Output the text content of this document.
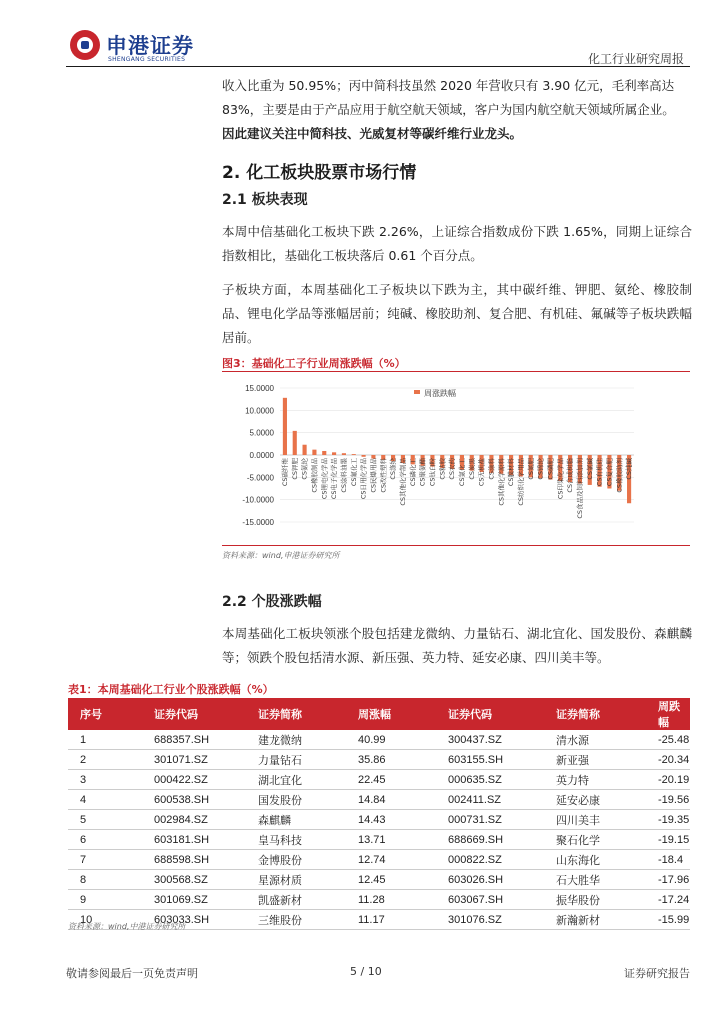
申港证券
SHENGANG SECURITIES	化工行业研究周报
收入比重为 50.95%；丙中简科技虽然 2020 年营收只有 3.90 亿元，毛利率高达
83%，主要是由于产品应用于航空航天领域，客户为国内航空航天领域所属企业。
因此建议关注中简科技、光威复材等碳纤维行业龙头。
2. 化工板块股票市场行情
2.1 板块表现
本周中信基础化工板块下跌 2.26%，上证综合指数成份下跌 1.65%，同期上证综合指数相比，基础化工板块落后 0.61 个百分点。
子板块方面，本周基础化工子板块以下跌为主，其中碳纤维、钾肥、氨纶、橡胶制品、锂电化学品等涨幅居前；纯碱、橡胶助剂、复合肥、有机硅、氟碱等子板块跌幅居前。
图3：基础化工子行业周涨跌幅（%）
15.0000
10.0000
5.0000
0.0000
-5.0000
-10.0000
-15.0000
CS碳纤维 CS钾肥 CS氨纶 CS橡胶制品 CS锂电化学品 CS电子化学品 CS涂料油墨 CS氟化工 CS日用化学品 CS民爆用品 CS改性塑料 CS涤纶 CS其他化学制品 CS磷化工 CS聚氨酯 CS钛白粉 CS粘胶 CS农药 CS氯化工 CS炭黑 CS无机盐 CS涂料 CS其他化学原料 CS膜材料 CS纺织化学用品 CS氮肥 CS锦纶 CS磷肥 CS印染化学品 CS合成树脂 CS食品及饲料添加剂 CS氯碱 CS有机硅 CS复合肥 CS橡胶助剂 CS纯碱
周涨跌幅
资料来源：wind,申港证券研究所
2.2 个股涨跌幅
本周基础化工板块领涨个股包括建龙微纳、力量钻石、湖北宜化、国发股份、森麒麟等；领跌个股包括清水源、新压强、英力特、延安必康、四川美丰等。
表1：本周基础化工行业个股涨跌幅（%）
序号	证券代码	证券简称	周涨幅	证券代码	证券简称	周跌幅
1	688357.SH	建龙微纳	40.99	300437.SZ	清水源	-25.48
2	301071.SZ	力量钻石	35.86	603155.SH	新亚强	-20.34
3	000422.SZ	湖北宜化	22.45	000635.SZ	英力特	-20.19
4	600538.SH	国发股份	14.84	002411.SZ	延安必康	-19.56
5	002984.SZ	森麒麟	14.43	000731.SZ	四川美丰	-19.35
6	603181.SH	皇马科技	13.71	688669.SH	聚石化学	-19.15
7	688598.SH	金博股份	12.74	000822.SZ	山东海化	-18.4
8	300568.SZ	星源材质	12.45	603026.SH	石大胜华	-17.96
9	301069.SZ	凯盛新材	11.28	603067.SH	振华股份	-17.24
10	603033.SH	三维股份	11.17	301076.SZ	新瀚新材	-15.99
资料来源：wind,中港证券研究所
敬请参阅最后一页免责声明	5 / 10	证券研究报告
